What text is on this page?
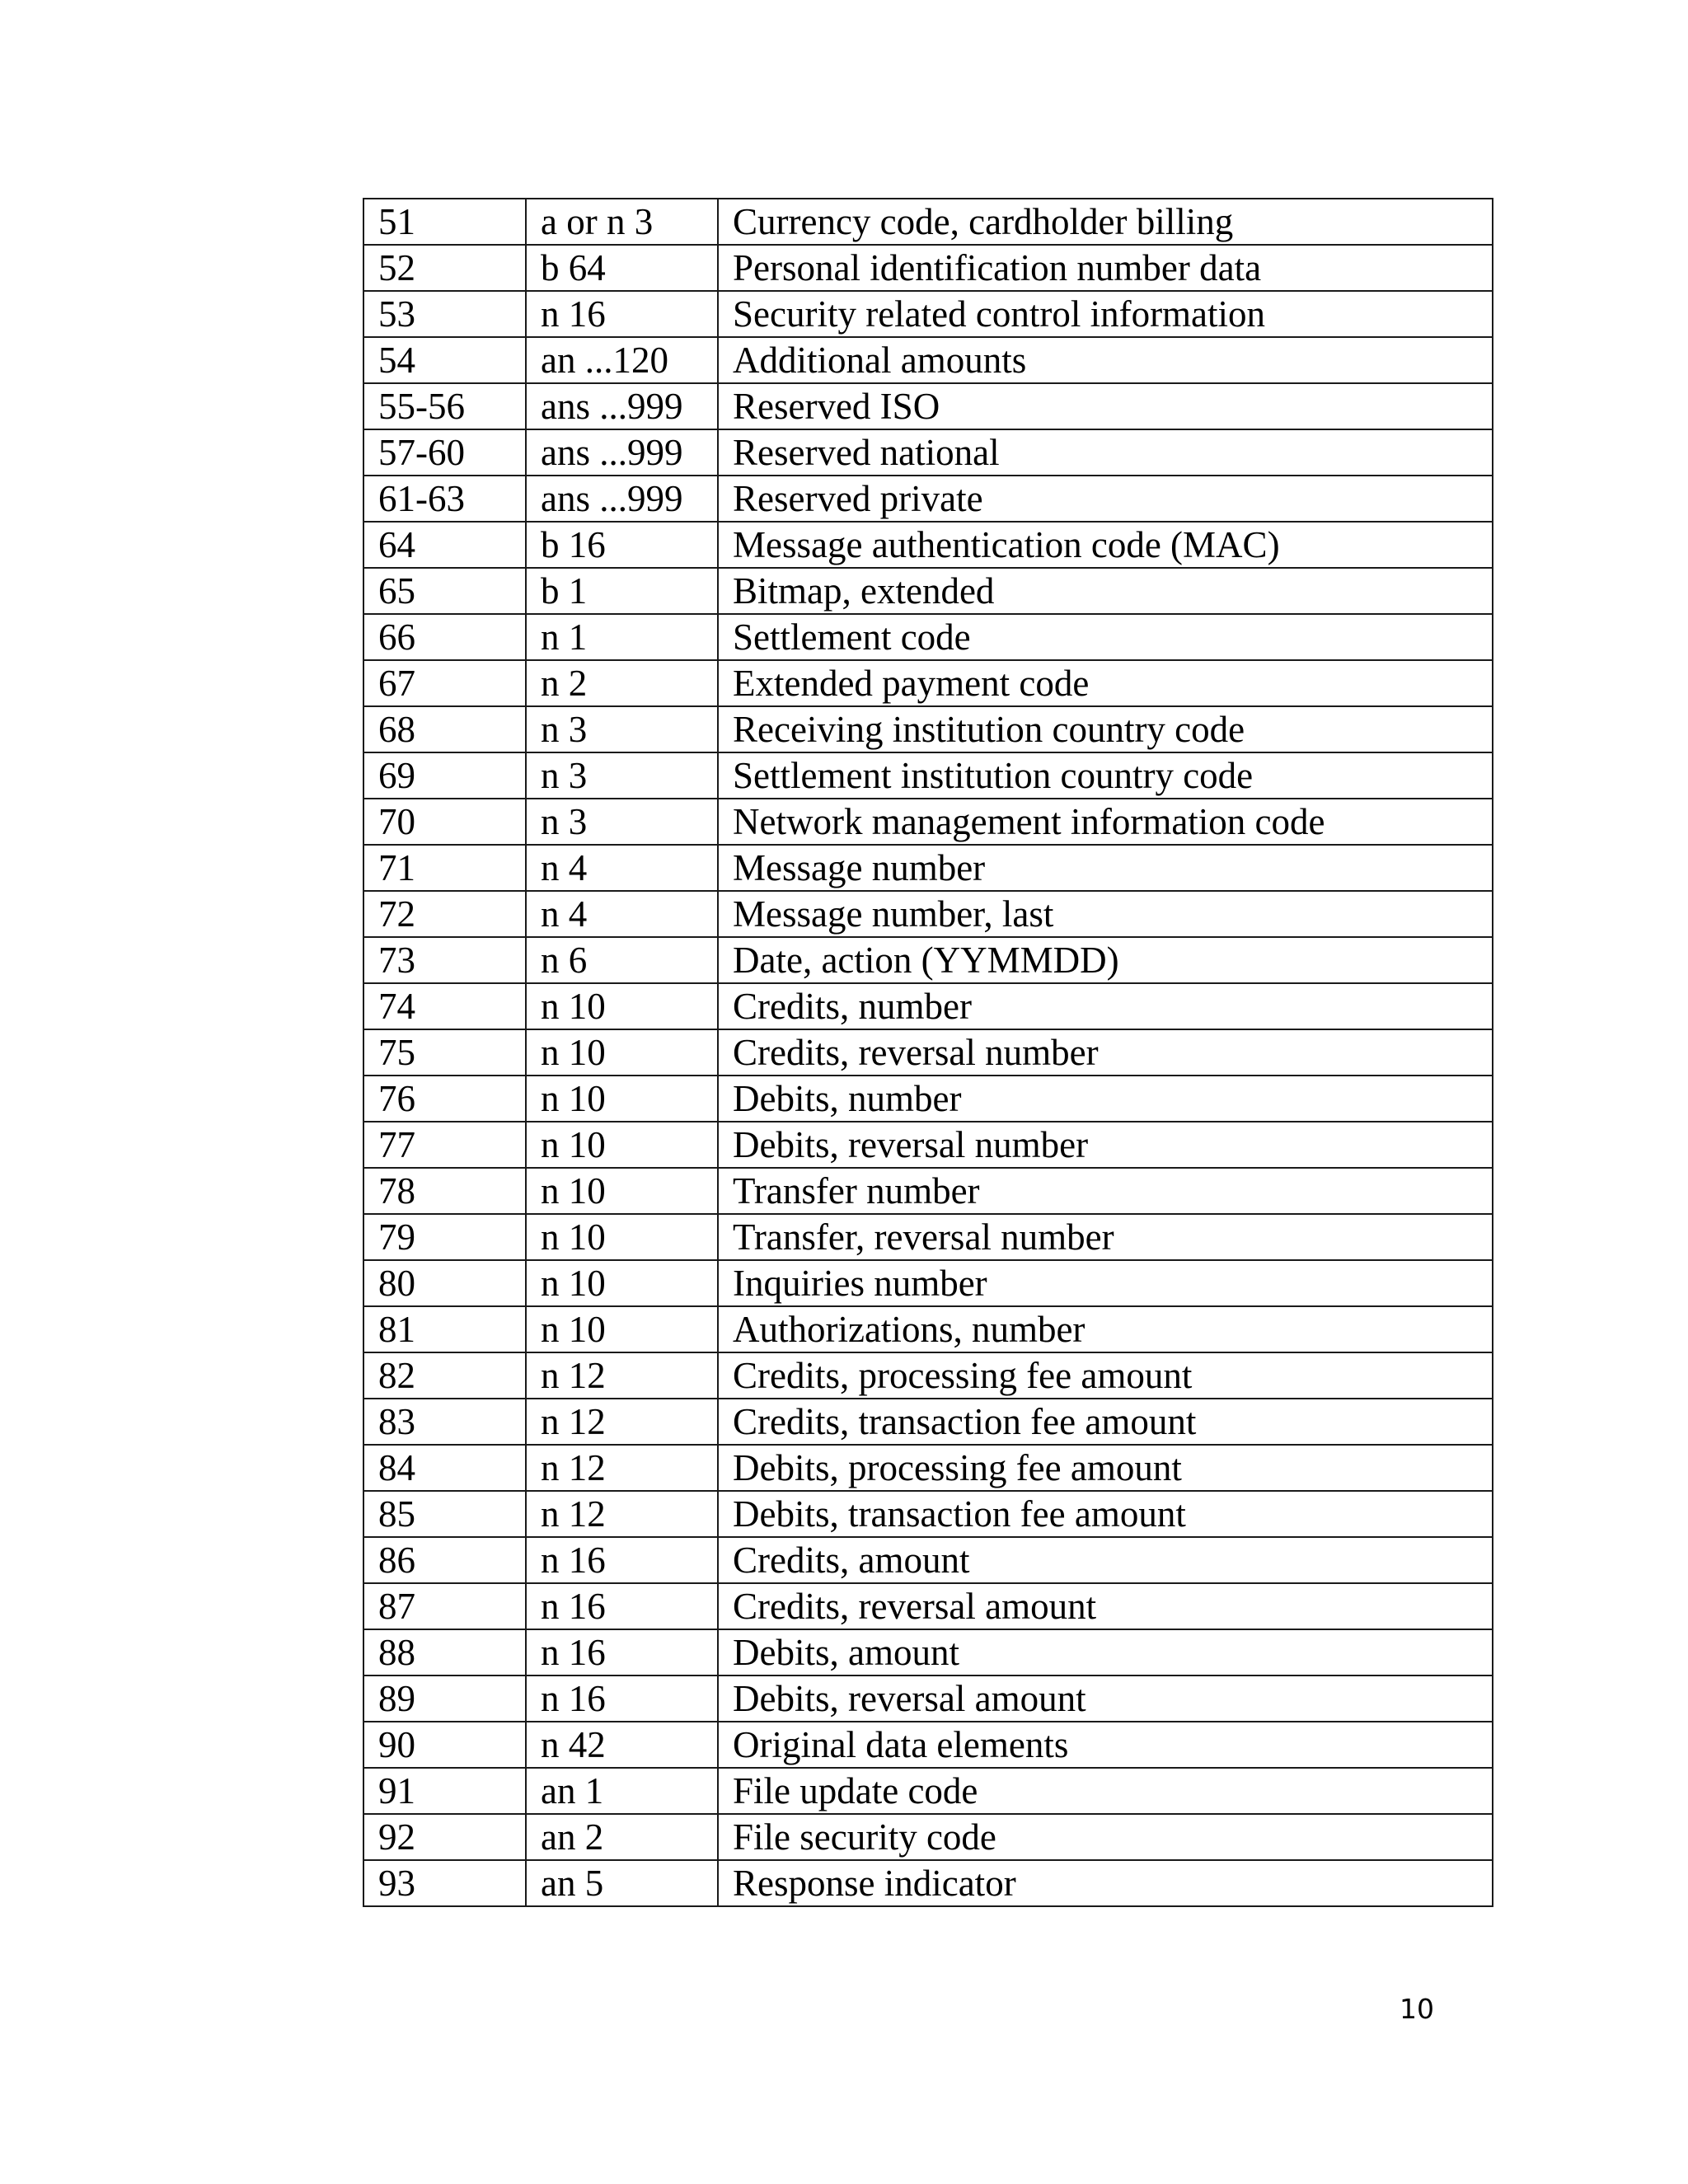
51	a or n 3	Currency code, cardholder billing
52	b 64	Personal identification number data
53	n 16	Security related control information
54	an ...120	Additional amounts
55-56	ans ...999	Reserved ISO
57-60	ans ...999	Reserved national
61-63	ans ...999	Reserved private
64	b 16	Message authentication code (MAC)
65	b 1	Bitmap, extended
66	n 1	Settlement code
67	n 2	Extended payment code
68	n 3	Receiving institution country code
69	n 3	Settlement institution country code
70	n 3	Network management information code
71	n 4	Message number
72	n 4	Message number, last
73	n 6	Date, action (YYMMDD)
74	n 10	Credits, number
75	n 10	Credits, reversal number
76	n 10	Debits, number
77	n 10	Debits, reversal number
78	n 10	Transfer number
79	n 10	Transfer, reversal number
80	n 10	Inquiries number
81	n 10	Authorizations, number
82	n 12	Credits, processing fee amount
83	n 12	Credits, transaction fee amount
84	n 12	Debits, processing fee amount
85	n 12	Debits, transaction fee amount
86	n 16	Credits, amount
87	n 16	Credits, reversal amount
88	n 16	Debits, amount
89	n 16	Debits, reversal amount
90	n 42	Original data elements
91	an 1	File update code
92	an 2	File security code
93	an 5	Response indicator
10
